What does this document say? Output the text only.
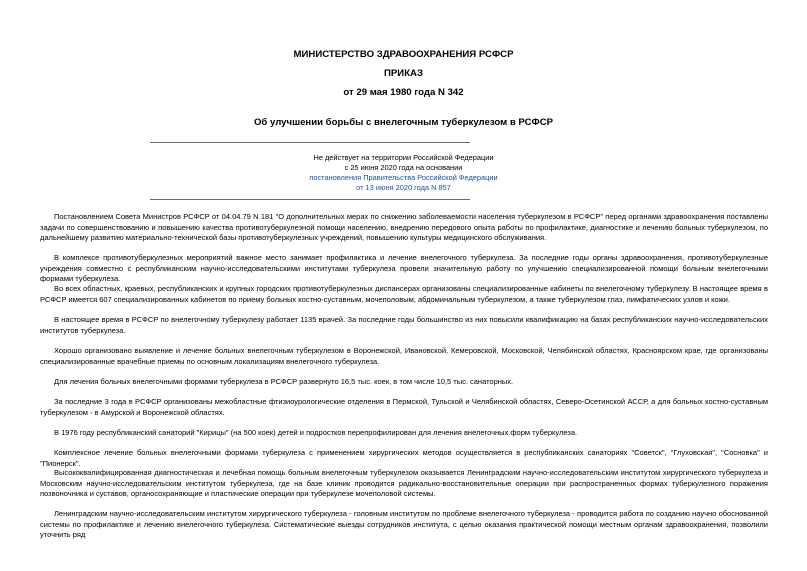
МИНИСТЕРСТВО ЗДРАВООХРАНЕНИЯ РСФСР
ПРИКАЗ
от 29 мая 1980 года N 342
Об улучшении борьбы с внелегочным туберкулезом в РСФСР
Не действует на территории Российской Федерации
с 25 июня 2020 года на основании
постановления Правительства Российской Федерации
от 13 июня 2020 года N 857
Постановлением Совета Министров РСФСР от 04.04.79 N 181 "О дополнительных мерах по снижению заболеваемости населения туберкулезом в РСФСР" перед органами здравоохранения поставлены задачи по совершенствованию и повышению качества противотуберкулезной помощи населению, внедрению передового опыта работы по профилактике, диагностике и лечению больных туберкулезом, по дальнейшему развитию материально-технической базы противотуберкулезных учреждений, повышению культуры медицинского обслуживания.
В комплексе противотуберкулезных мероприятий важное место занимает профилактика и лечение внелегочного туберкулеза. За последние годы органы здравоохранения, противотуберкулезные учреждения совместно с республиканским научно-исследовательскими институтами туберкулеза провели значительную работу по улучшению специализированной помощи больным внелегочными формами туберкулеза.
Во всех областных, краевых, республиканских и крупных городских противотуберкулезных диспансерах организованы специализированные кабинеты по внелегочному туберкулезу. В настоящее время в РСФСР имеется 607 специализированных кабинетов по приему больных костно-суставным, мочеполовым, абдоминальным туберкулезом, а также туберкулезом глаз, лимфатических узлов и кожи.
В настоящее время в РСФСР по внелегочному туберкулезу работает 1135 врачей. За последние годы большинство из них повысили квалификацию на базах республиканских научно-исследовательских институтов туберкулеза.
Хорошо организовано выявление и лечение больных внелегочным туберкулезом в Воронежской, Ивановской, Кемеровской, Московской, Челябинской областях, Красноярском крае, где организованы специализированные врачебные приемы по основным локализациям внелегочного туберкулеза.
Для лечения больных внелегочными формами туберкулеза в РСФСР развернуто 16,5 тыс. коек, в том числе 10,5 тыс. санаторных.
За последние 3 года в РСФСР организованы межобластные фтизиоурологические отделения в Пермской, Тульской и Челябинской областях, Северо-Осетинской АССР, а для больных костно-суставным туберкулезом - в Амурской и Воронежской областях.
В 1976 году республиканский санаторий "Кирицы" (на 500 коек) детей и подростков перепрофилирован для лечения внелегочных форм туберкулеза.
Комплексное лечение больных внелегочными формами туберкулеза с применением хирургических методов осуществляется в республиканских санаториях "Советск", "Глуховская", "Сосновка" и "Пионерск".
Высококвалифицированная диагностическая и лечебная помощь больным внелегочным туберкулезом оказывается Ленинградским научно-исследовательским институтом хирургического туберкулеза и Московским научно-исследовательским институтом туберкулеза, где на базе клиник проводится радикально-восстановительные операции при распространенных формах туберкулезного поражения позвоночника и суставов, органосохраняющие и пластические операции при туберкулезе мочеполовой системы.
Ленинградским научно-исследовательским институтом хирургического туберкулеза - головным институтом по проблеме внелегочного туберкулеза - проводится работа по созданию научно обоснованной системы по профилактике и лечению внелегочного туберкулеза. Систематические выезды сотрудников института, с целью оказания практической помощи местным органам здравоохранения, позволили уточнить ряд
